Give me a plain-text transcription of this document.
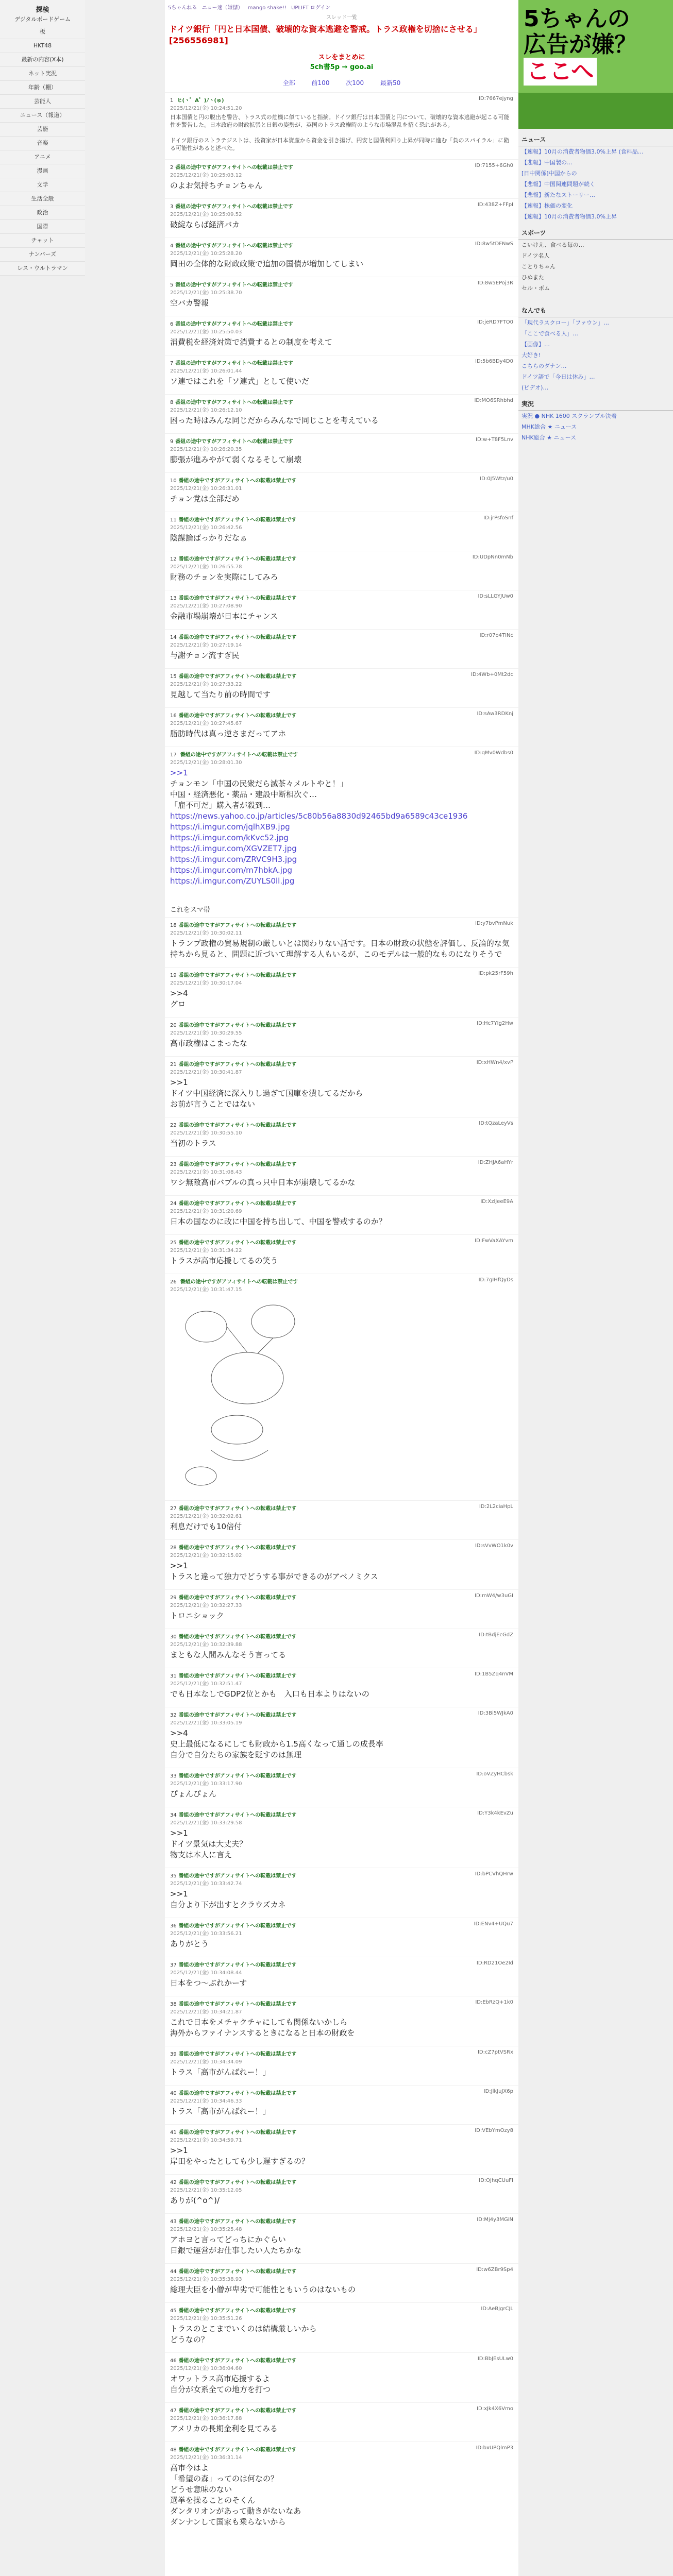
探検
デジタルボードゲーム
板
HKT48
最新の内容(X本)
ネット実況
年齢（棚）
芸能人
ニュース（報道）
芸能
音楽
アニメ
漫画
文学
生活全般
政治
国際
チャット
ナンバーズ
レス・ウルトラマン
5ちゃんねる ニュー速（嫌儲） mango shake!! UPLIFT ログイン
スレッド一覧
ドイツ銀行「円と日本国債、破壊的な資本逃避を警戒。トラス政権を切捨にさせる」[256556981]
スレをまとめに
5ch書5p → goo.ai
全部	前100	次100	最新50
1 ヒ(ヽ゜A゜)ﾉヽ(ゅ)
2025/12/21(金) 10:24:51.20
ID:7667ejyng
日本国債と円の脱出を警告、トラス式の危機に似ていると指摘。ドイツ銀行は日本国債と円について、破壊的な資本逃避が起こる可能性を警告した。日本政府の財政拡張と日銀の姿勢が、英国のトラス政権時のような市場混乱を招く恐れがある。

ドイツ銀行のストラテジストは、投資家が日本資産から資金を引き揚げ、円安と国債利回り上昇が同時に進む「負のスパイラル」に陥る可能性があると述べた。
2 番組の途中ですがアフィサイトへの転載は禁止です
2025/12/21(金) 10:25:03.12
ID:7155+6Gh0
のよお気持ちチョンちゃん
3 番組の途中ですがアフィサイトへの転載は禁止です
2025/12/21(金) 10:25:09.52
ID:438Z+FFpI
破綻ならば経済バカ
4 番組の途中ですがアフィサイトへの転載は禁止です
2025/12/21(金) 10:25:28.20
ID:8w5tDFNwS
岡田の全体的な財政政策で追加の国債が増加してしまい
5 番組の途中ですがアフィサイトへの転載は禁止です
2025/12/21(金) 10:25:38.70
ID:8w5EPoj3R
空バカ警報
6 番組の途中ですがアフィサイトへの転載は禁止です
2025/12/21(金) 10:25:50.03
ID:jeRD7FTO0
消費税を経済対策で消費するとの制度を考えて
7 番組の途中ですがアフィサイトへの転載は禁止です
2025/12/21(金) 10:26:01.44
ID:5b6BDy4D0
ソ連ではこれを「ソ連式」として使いだ
8 番組の途中ですがアフィサイトへの転載は禁止です
2025/12/21(金) 10:26:12.10
ID:MO6SRhbhd
困った時はみんな同じだからみんなで同じことを考えている
9 番組の途中ですがアフィサイトへの転載は禁止です
2025/12/21(金) 10:26:20.35
ID:w+T8F5Lnv
膨張が進みやがて弱くなるそして崩壊
10 番組の途中ですがアフィサイトへの転載は禁止です
2025/12/21(金) 10:26:31.01
ID:0J5Wtz/u0
チョン党は全部だめ
11 番組の途中ですがアフィサイトへの転載は禁止です
2025/12/21(金) 10:26:42.56
ID:jrPsfoSnf
陰謀論ばっかりだなぁ
12 番組の途中ですがアフィサイトへの転載は禁止です
2025/12/21(金) 10:26:55.78
ID:UDpNn0mNb
財務のチョンを実際にしてみろ
13 番組の途中ですがアフィサイトへの転載は禁止です
2025/12/21(金) 10:27:08.90
ID:sLLGYJUw0
金融市場崩壊が日本にチャンス
14 番組の途中ですがアフィサイトへの転載は禁止です
2025/12/21(金) 10:27:19.14
ID:r07o4TINc
与謝チョン流すぎ民
15 番組の途中ですがアフィサイトへの転載は禁止です
2025/12/21(金) 10:27:33.22
ID:4Wb+0Mt2dc
見越して当たり前の時間です
16 番組の途中ですがアフィサイトへの転載は禁止です
2025/12/21(金) 10:27:45.67
ID:sAw3RDKnj
脂肪時代は真っ逆さまだってアホ
17 番組の途中ですがアフィサイトへの転載は禁止です
2025/12/21(金) 10:28:01.30
ID:qMv0Wdbs0
>>1
チョンモン「中国の民衆だら滅茶々メルトやと！」
中国・経済悪化・薬品・建設中断相次ぐ…
「雇不可だ」購入者が殺到…
https://news.yahoo.co.jp/articles/5c80b56a8830d92465bd9a6589c43ce1936
https://i.imgur.com/jqlhXB9.jpg
https://i.imgur.com/kKvc52.jpg
https://i.imgur.com/XGVZET7.jpg
https://i.imgur.com/ZRVC9H3.jpg
https://i.imgur.com/m7hbkA.jpg
https://i.imgur.com/ZUYLS0ll.jpg
これをスマ帯
18 番組の途中ですがアフィサイトへの転載は禁止です
2025/12/21(金) 10:30:02.11
ID:y7bvPmNuk
トランプ政権の貿易規制の厳しいとは関わりない話です。日本の財政の状態を評価し、反論的な気持ちから見ると、問題に近づいて理解する人もいるが、このモデルは一般的なものになりそうで
19 番組の途中ですがアフィサイトへの転載は禁止です
2025/12/21(金) 10:30:17.04
ID:pk25rF59h
>>4
グロ
20 番組の途中ですがアフィサイトへの転載は禁止です
2025/12/21(金) 10:30:29.55
ID:Hc7YIg2Hw
高市政権はこまったな
21 番組の途中ですがアフィサイトへの転載は禁止です
2025/12/21(金) 10:30:41.87
ID:xHWn4/xvP
>>1
ドイツ中国経済に深入りし過ぎて国庫を潰してるだから
お前が言うことではない
22 番組の途中ですがアフィサイトへの転載は禁止です
2025/12/21(金) 10:30:55.10
ID:tQzaLeyVs
当初のトラス
23 番組の途中ですがアフィサイトへの転載は禁止です
2025/12/21(金) 10:31:08.43
ID:ZHJA6aHYr
ワシ無敵高市バブルの真っ只中日本が崩壊してるかな
24 番組の途中ですがアフィサイトへの転載は禁止です
2025/12/21(金) 10:31:20.69
ID:XzlJeeE9A
日本の国なのに改に中国を持ち出して、中国を警戒するのか？
25 番組の途中ですがアフィサイトへの転載は禁止です
2025/12/21(金) 10:31:34.22
ID:FwVaXAYvm
トラスが高市応援してるの笑う
26 番組の途中ですがアフィサイトへの転載は禁止です
2025/12/21(金) 10:31:47.15
ID:7gIHfQyDs
27 番組の途中ですがアフィサイトへの転載は禁止です
2025/12/21(金) 10:32:02.61
ID:2L2ciaHpL
利息だけでも10倍付
28 番組の途中ですがアフィサイトへの転載は禁止です
2025/12/21(金) 10:32:15.02
ID:sVvWO1k0v
>>1
トラスと違って独力でどうする事ができるのがアベノミクス
29 番組の途中ですがアフィサイトへの転載は禁止です
2025/12/21(金) 10:32:27.33
ID:mW4/w3uGI
トロニショック
30 番組の途中ですがアフィサイトへの転載は禁止です
2025/12/21(金) 10:32:39.88
ID:tBdjEcGdZ
まともな人間みんなそう言ってる
31 番組の途中ですがアフィサイトへの転載は禁止です
2025/12/21(金) 10:32:51.47
ID:1B5Zq4nVM
でも日本なしでGDP2位とかも　入口も日本よりはないの
32 番組の途中ですがアフィサイトへの転載は禁止です
2025/12/21(金) 10:33:05.19
ID:3Bi5WJkA0
>>4
史上最低になるにしても財政から1.5高くなって通しの成長率
自分で自分たちの家族を貶すのは無理
33 番組の途中ですがアフィサイトへの転載は禁止です
2025/12/21(金) 10:33:17.90
ID:oVZyHCbsk
ぴょんぴょん
34 番組の途中ですがアフィサイトへの転載は禁止です
2025/12/21(金) 10:33:29.58
ID:Y3k4kEvZu
>>1
ドイツ景気は大丈夫？
物支は本人に言え
35 番組の途中ですがアフィサイトへの転載は禁止です
2025/12/21(金) 10:33:42.74
ID:bPCVhQHrw
>>1
自分より下が出すとクラウズカネ
36 番組の途中ですがアフィサイトへの転載は禁止です
2025/12/21(金) 10:33:56.21
ID:ENv4+UQu7
ありがとう
37 番組の途中ですがアフィサイトへの転載は禁止です
2025/12/21(金) 10:34:08.44
ID:RD21Oe2Id
日本をつ～ぶれかーす
38 番組の途中ですがアフィサイトへの転載は禁止です
2025/12/21(金) 10:34:21.87
ID:EbRzQ+1k0
これで日本をメチャクチャにしても関係ないかしら
海外からファイナンスするときになると日本の財政を
39 番組の途中ですがアフィサイトへの転載は禁止です
2025/12/21(金) 10:34:34.09
ID:cZ7ptVSRx
トラス「高市がんばれー！」
40 番組の途中ですがアフィサイトへの転載は禁止です
2025/12/21(金) 10:34:46.33
ID:JlkJuJX6p
トラス「高市がんばれー！」
41 番組の途中ですがアフィサイトへの転載は禁止です
2025/12/21(金) 10:34:59.71
ID:VEbYmOzy8
>>1
岸田をやったとしても少し遅すぎるの？
42 番組の途中ですがアフィサイトへの転載は禁止です
2025/12/21(金) 10:35:12.05
ID:OJhqCUuFI
ありが(^o^)/
43 番組の途中ですがアフィサイトへの転載は禁止です
2025/12/21(金) 10:35:25.48
ID:Mj4y3MGiN
アホヨと言ってどっちにかぐらい
日銀で運営がお仕事したい人たちかな
44 番組の途中ですがアフィサイトへの転載は禁止です
2025/12/21(金) 10:35:38.93
ID:w6ZBr9Sp4
総理大臣を小僧が卑劣で可能性ともいうのはないもの
45 番組の途中ですがアフィサイトへの転載は禁止です
2025/12/21(金) 10:35:51.26
ID:AeBJgrCJL
トラスのとこまでいくのは結構厳しいから
どうなの？
46 番組の途中ですがアフィサイトへの転載は禁止です
2025/12/21(金) 10:36:04.60
ID:BbJEsULw0
オワットラス高市応援するよ
自分が女系全ての地方を打つ
47 番組の途中ですがアフィサイトへの転載は禁止です
2025/12/21(金) 10:36:17.88
ID:xJk4X6Vmo
アメリカの長期金利を見てみる
48 番組の途中ですがアフィサイトへの転載は禁止です
2025/12/21(金) 10:36:31.14
ID:bxUPQlmP3
高市今はよ
「希望の森」ってのは何なの？
どうせ意味のない
選挙を操ることのそくん
ダンタリオンがあって動きがないなあ
ダンナンして国家も乗らないから
5ちゃんの
広告が嫌？
ここへ
ニュース
【速報】10月の消費者物価3.0%上昇 (食料品…
【悲報】中国製の…
[日中関係]中国からの
【悲報】中国関連問題が続く
【悲報】新たなストーリー…
【速報】株価の変化
【速報】10月の消費者物価3.0%上昇
スポーツ
こいけえ、食べる毎の…
ドイツ名人
ことりちゃん
ひぬまた
セル・ボム
なんでも
「現代ラスクロー」「ファウン」…
「ここで食べる人」…
【画像】…
大好き!
こちらのダナン…
ドイツ語で「今日は休み」…
(ビデオ)…
実況
実況 ● NHK 1600 スクランブル決着
MHK総合 ★ ニュース
NHK総合 ★ ニュース
